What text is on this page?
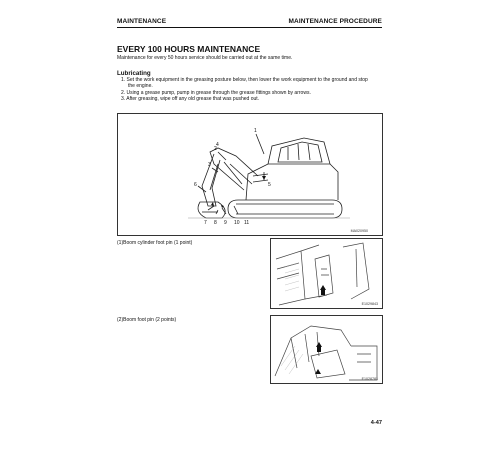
MAINTENANCE	MAINTENANCE PROCEDURE
EVERY 100 HOURS MAINTENANCE
Maintenance for every 50 hours service should be carried out at the same time.
Lubricating
1. Set the work equipment in the greasing posture below, then lower the work equipment to the ground and stop
the engine.
2. Using a grease pump, pump in grease through the grease fittings shown by arrows.
3. After greasing, wipe off any old grease that was pushed out.
1
2
3
4
5
6
7 8 9 10 11
MA020950
(1)Boom cylinder foot pin (1 point)
E1029843
(2)Boom foot pin (2 points)
E1028781
4-47
